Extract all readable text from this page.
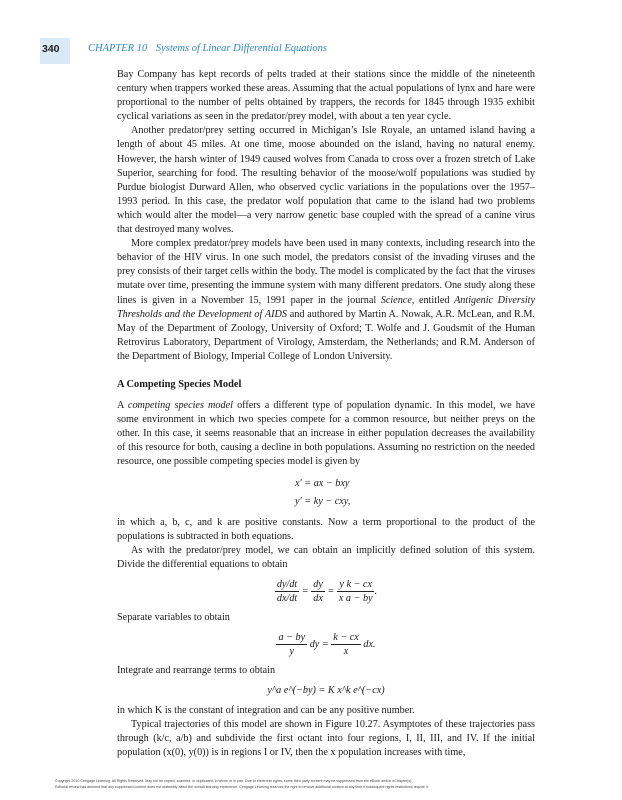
340	CHAPTER 10 Systems of Linear Differential Equations

Bay Company has kept records of pelts traded at their stations since the middle of the nineteenth century when trappers worked these areas. Assuming that the actual populations of lynx and hare were proportional to the number of pelts obtained by trappers, the records for 1845 through 1935 exhibit cyclical variations as seen in the predator/prey model, with about a ten year cycle.

Another predator/prey setting occurred in Michigan’s Isle Royale, an untamed island having a length of about 45 miles. At one time, moose abounded on the island, having no natural enemy. However, the harsh winter of 1949 caused wolves from Canada to cross over a frozen stretch of Lake Superior, searching for food. The resulting behavior of the moose/wolf populations was studied by Purdue biologist Durward Allen, who observed cyclic variations in the populations over the 1957–1993 period. In this case, the predator wolf population that came to the island had two problems which would alter the model—a very narrow genetic base coupled with the spread of a canine virus that destroyed many wolves.

More complex predator/prey models have been used in many contexts, including research into the behavior of the HIV virus. In one such model, the predators consist of the invading viruses and the prey consists of their target cells within the body. The model is complicated by the fact that the viruses mutate over time, presenting the immune system with many different predators. One study along these lines is given in a November 15, 1991 paper in the journal Science, entitled Antigenic Diversity Thresholds and the Development of AIDS and authored by Martin A. Nowak, A.R. McLean, and R.M. May of the Department of Zoology, University of Oxford; T. Wolfe and J. Goudsmit of the Human Retrovirus Laboratory, Department of Virology, Amsterdam, the Netherlands; and R.M. Anderson of the Department of Biology, Imperial College of London University.

A Competing Species Model

A competing species model offers a different type of population dynamic. In this model, we have some environment in which two species compete for a common resource, but neither preys on the other. In this case, it seems reasonable that an increase in either population decreases the availability of this resource for both, causing a decline in both populations. Assuming no restriction on the needed resource, one possible competing species model is given by

x′ = ax − bxy
y′ = ky − cxy,

in which a, b, c, and k are positive constants. Now a term proportional to the product of the populations is subtracted in both equations.

As with the predator/prey model, we can obtain an implicitly defined solution of this system. Divide the differential equations to obtain

$\frac{dy/dt}{dx/dt} = \frac{dy}{dx} = \frac{\text{y k − cx}}{\text{x a − by}}$ .

Separate variables to obtain

$\frac{a - by}{y}$ dy = $\frac{k - cx}{x}$ dx.

Integrate and rearrange terms to obtain

y^a e^(−by) = K x^k e^(−cx)

in which K is the constant of integration and can be any positive number.

Typical trajectories of this model are shown in Figure 10.27. Asymptotes of these trajectories pass through (k/c, a/b) and subdivide the first octant into four regions, I, II, III, and IV. If the initial population (x(0), y(0)) is in regions I or IV, then the x population increases with time,

Copyright 2010 Cengage Learning. All Rights Reserved. May not be copied, scanned, or duplicated, in whole or in part. Due to electronic rights, some third party content may be suppressed from the eBook and/or eChapter(s).
Editorial review has deemed that any suppressed content does not materially affect the overall learning experience. Cengage Learning reserves the right to remove additional content at any time if subsequent rights restrictions require it.
